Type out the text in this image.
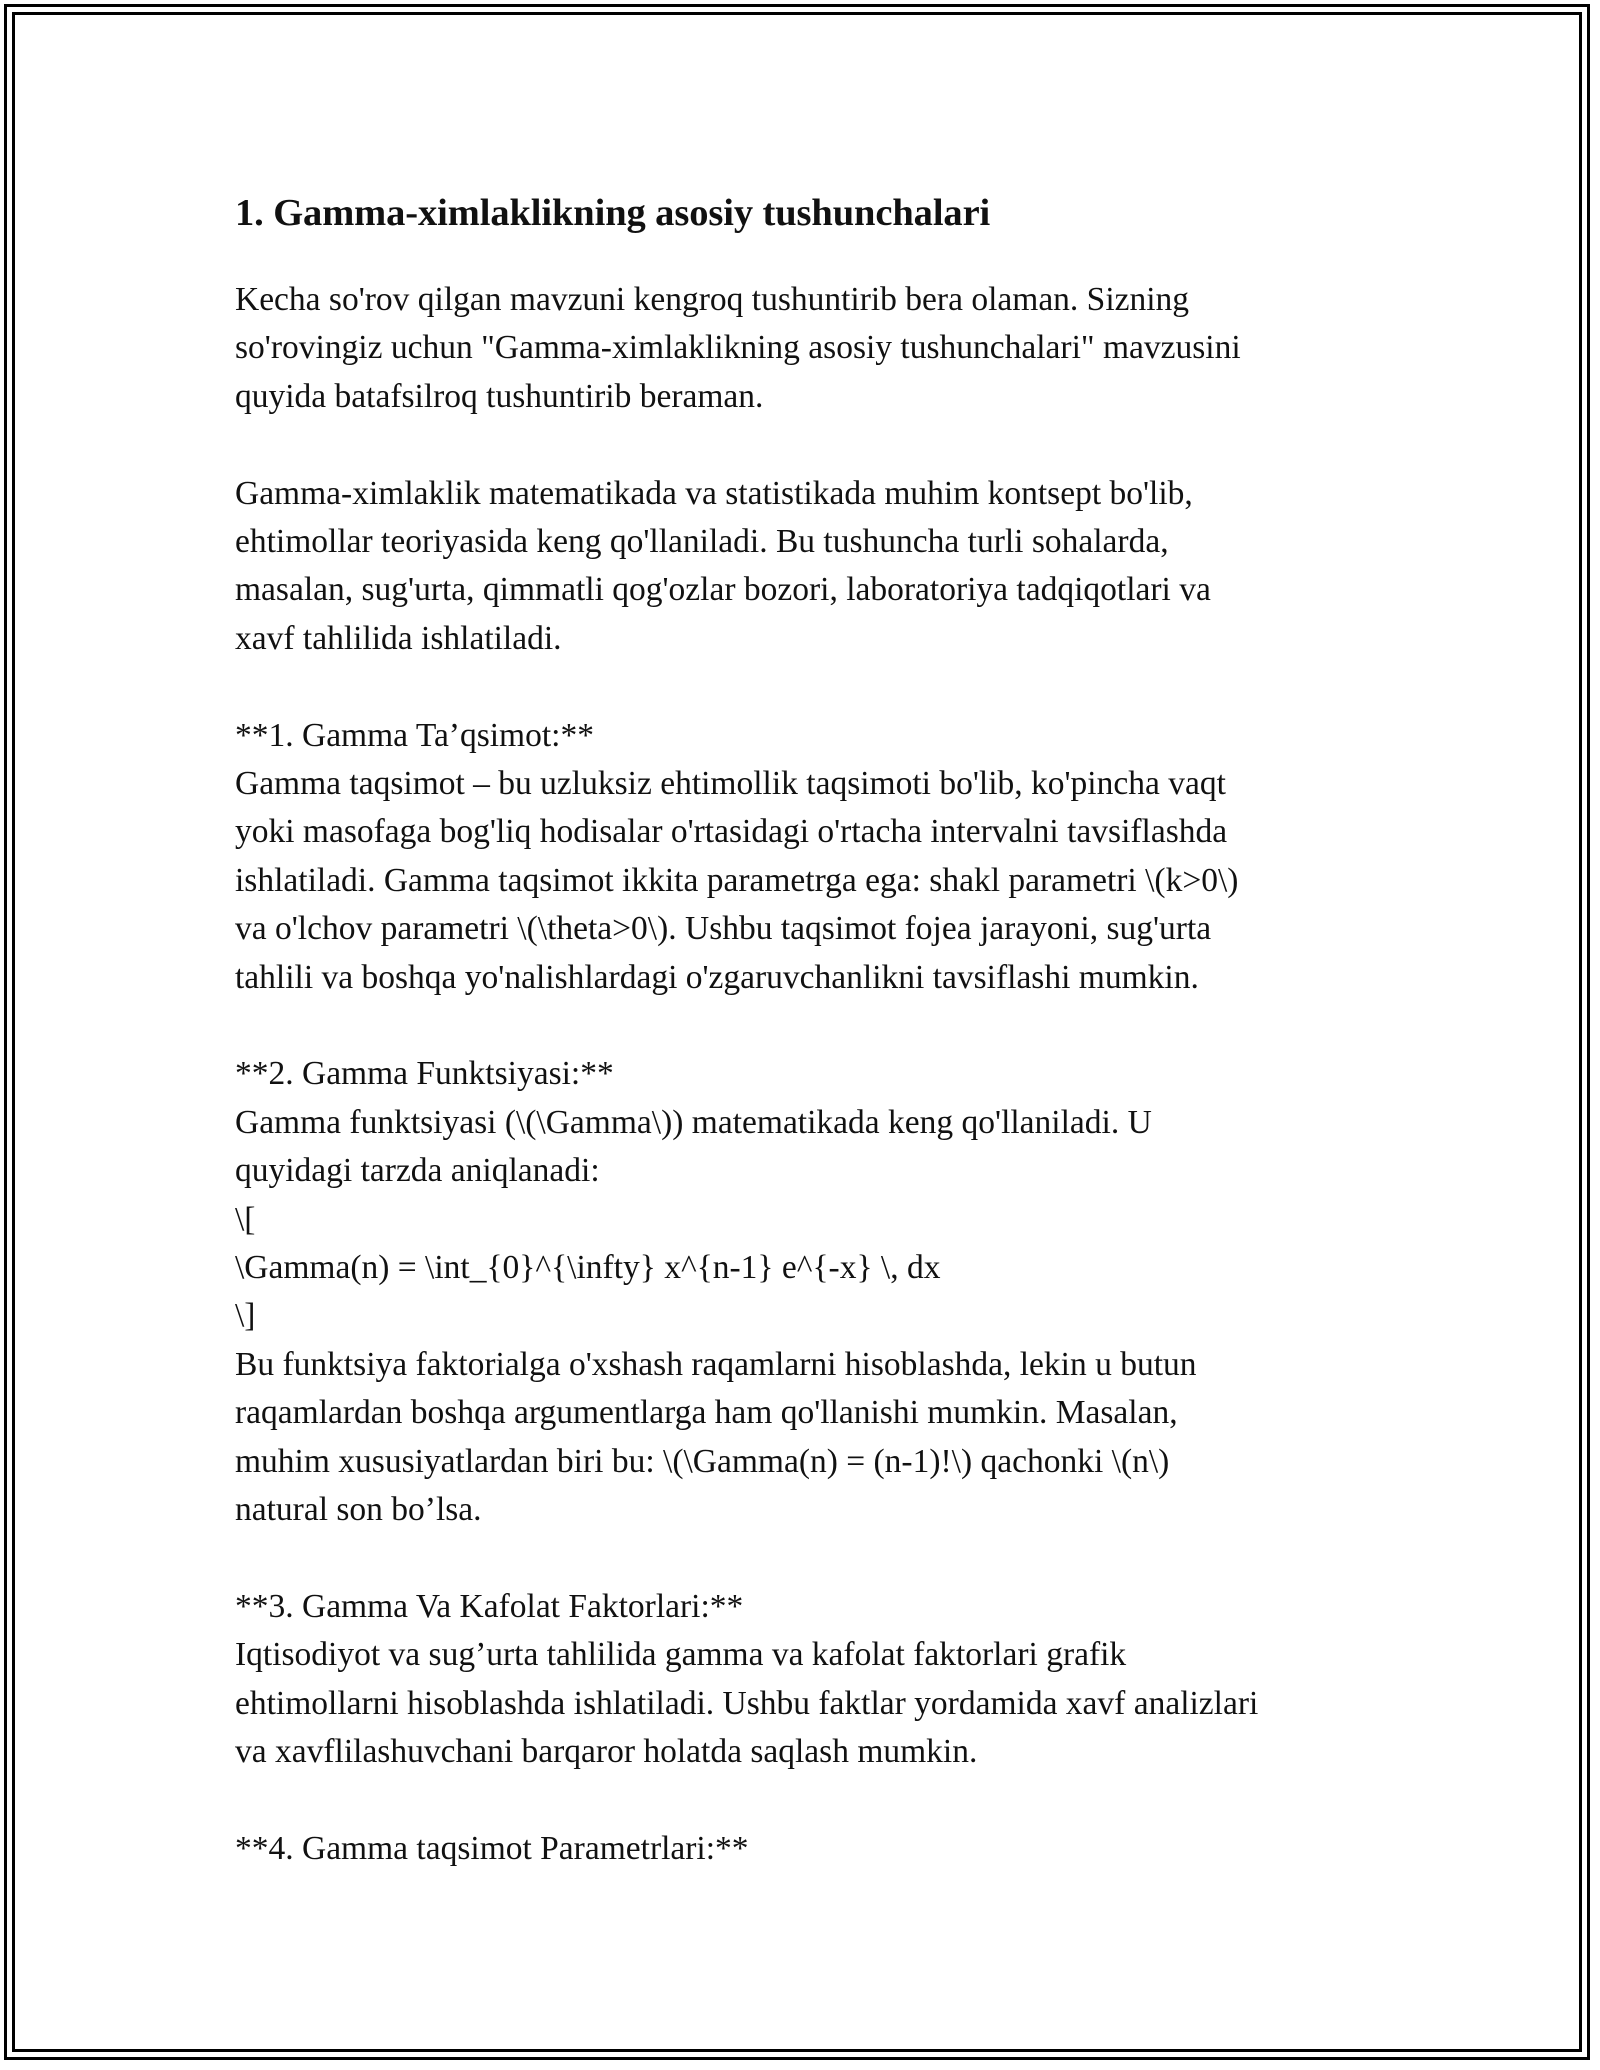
1. Gamma-ximlaklikning asosiy tushunchalari

Kecha so'rov qilgan mavzuni kengroq tushuntirib bera olaman. Sizning
so'rovingiz uchun "Gamma-ximlaklikning asosiy tushunchalari" mavzusini
quyida batafsilroq tushuntirib beraman.

Gamma-ximlaklik matematikada va statistikada muhim kontsept bo'lib,
ehtimollar teoriyasida keng qo'llaniladi. Bu tushuncha turli sohalarda,
masalan, sug'urta, qimmatli qog'ozlar bozori, laboratoriya tadqiqotlari va
xavf tahlilida ishlatiladi.

**1. Gamma Ta’qsimot:**
Gamma taqsimot – bu uzluksiz ehtimollik taqsimoti bo'lib, ko'pincha vaqt
yoki masofaga bog'liq hodisalar o'rtasidagi o'rtacha intervalni tavsiflashda
ishlatiladi. Gamma taqsimot ikkita parametrga ega: shakl parametri \(k>0\)
va o'lchov parametri \(\theta>0\). Ushbu taqsimot fojea jarayoni, sug'urta
tahlili va boshqa yo'nalishlardagi o'zgaruvchanlikni tavsiflashi mumkin.

**2. Gamma Funktsiyasi:**
Gamma funktsiyasi (\(\Gamma\)) matematikada keng qo'llaniladi. U
quyidagi tarzda aniqlanadi:
\[
\Gamma(n) = \int_{0}^{\infty} x^{n-1} e^{-x} \, dx
\]
Bu funktsiya faktorialga o'xshash raqamlarni hisoblashda, lekin u butun
raqamlardan boshqa argumentlarga ham qo'llanishi mumkin. Masalan,
muhim xususiyatlardan biri bu: \(\Gamma(n) = (n-1)!\) qachonki \(n\)
natural son bo’lsa.

**3. Gamma Va Kafolat Faktorlari:**
Iqtisodiyot va sug’urta tahlilida gamma va kafolat faktorlari grafik
ehtimollarni hisoblashda ishlatiladi. Ushbu faktlar yordamida xavf analizlari
va xavflilashuvchani barqaror holatda saqlash mumkin.

**4. Gamma taqsimot Parametrlari:**
